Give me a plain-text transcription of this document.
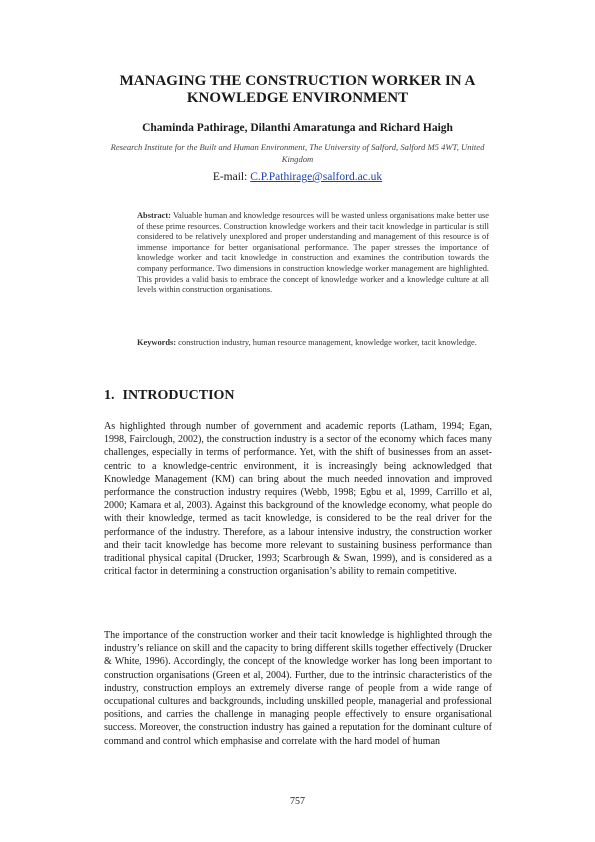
MANAGING THE CONSTRUCTION WORKER IN A KNOWLEDGE ENVIRONMENT

Chaminda Pathirage, Dilanthi Amaratunga and Richard Haigh

Research Institute for the Built and Human Environment, The University of Salford, Salford M5 4WT, United Kingdom

E-mail: C.P.Pathirage@salford.ac.uk

Abstract: Valuable human and knowledge resources will be wasted unless organisations make better use of these prime resources. Construction knowledge workers and their tacit knowledge in particular is still considered to be relatively unexplored and proper understanding and management of this resource is of immense importance for better organisational performance. The paper stresses the importance of knowledge worker and tacit knowledge in construction and examines the contribution towards the company performance. Two dimensions in construction knowledge worker management are highlighted. This provides a valid basis to embrace the concept of knowledge worker and a knowledge culture at all levels within construction organisations.

Keywords: construction industry, human resource management, knowledge worker, tacit knowledge.

1. INTRODUCTION

As highlighted through number of government and academic reports (Latham, 1994; Egan, 1998, Fairclough, 2002), the construction industry is a sector of the economy which faces many challenges, especially in terms of performance. Yet, with the shift of businesses from an asset-centric to a knowledge-centric environment, it is increasingly being acknowledged that Knowledge Management (KM) can bring about the much needed innovation and improved performance the construction industry requires (Webb, 1998; Egbu et al, 1999, Carrillo et al, 2000; Kamara et al, 2003). Against this background of the knowledge economy, what people do with their knowledge, termed as tacit knowledge, is considered to be the real driver for the performance of the industry. Therefore, as a labour intensive industry, the construction worker and their tacit knowledge has become more relevant to sustaining business performance than traditional physical capital (Drucker, 1993; Scarbrough & Swan, 1999), and is considered as a critical factor in determining a construction organisation’s ability to remain competitive.

The importance of the construction worker and their tacit knowledge is highlighted through the industry’s reliance on skill and the capacity to bring different skills together effectively (Drucker & White, 1996). Accordingly, the concept of the knowledge worker has long been important to construction organisations (Green et al, 2004). Further, due to the intrinsic characteristics of the industry, construction employs an extremely diverse range of people from a wide range of occupational cultures and backgrounds, including unskilled people, managerial and professional positions, and carries the challenge in managing people effectively to ensure organisational success. Moreover, the construction industry has gained a reputation for the dominant culture of command and control which emphasise and correlate with the hard model of human

757
